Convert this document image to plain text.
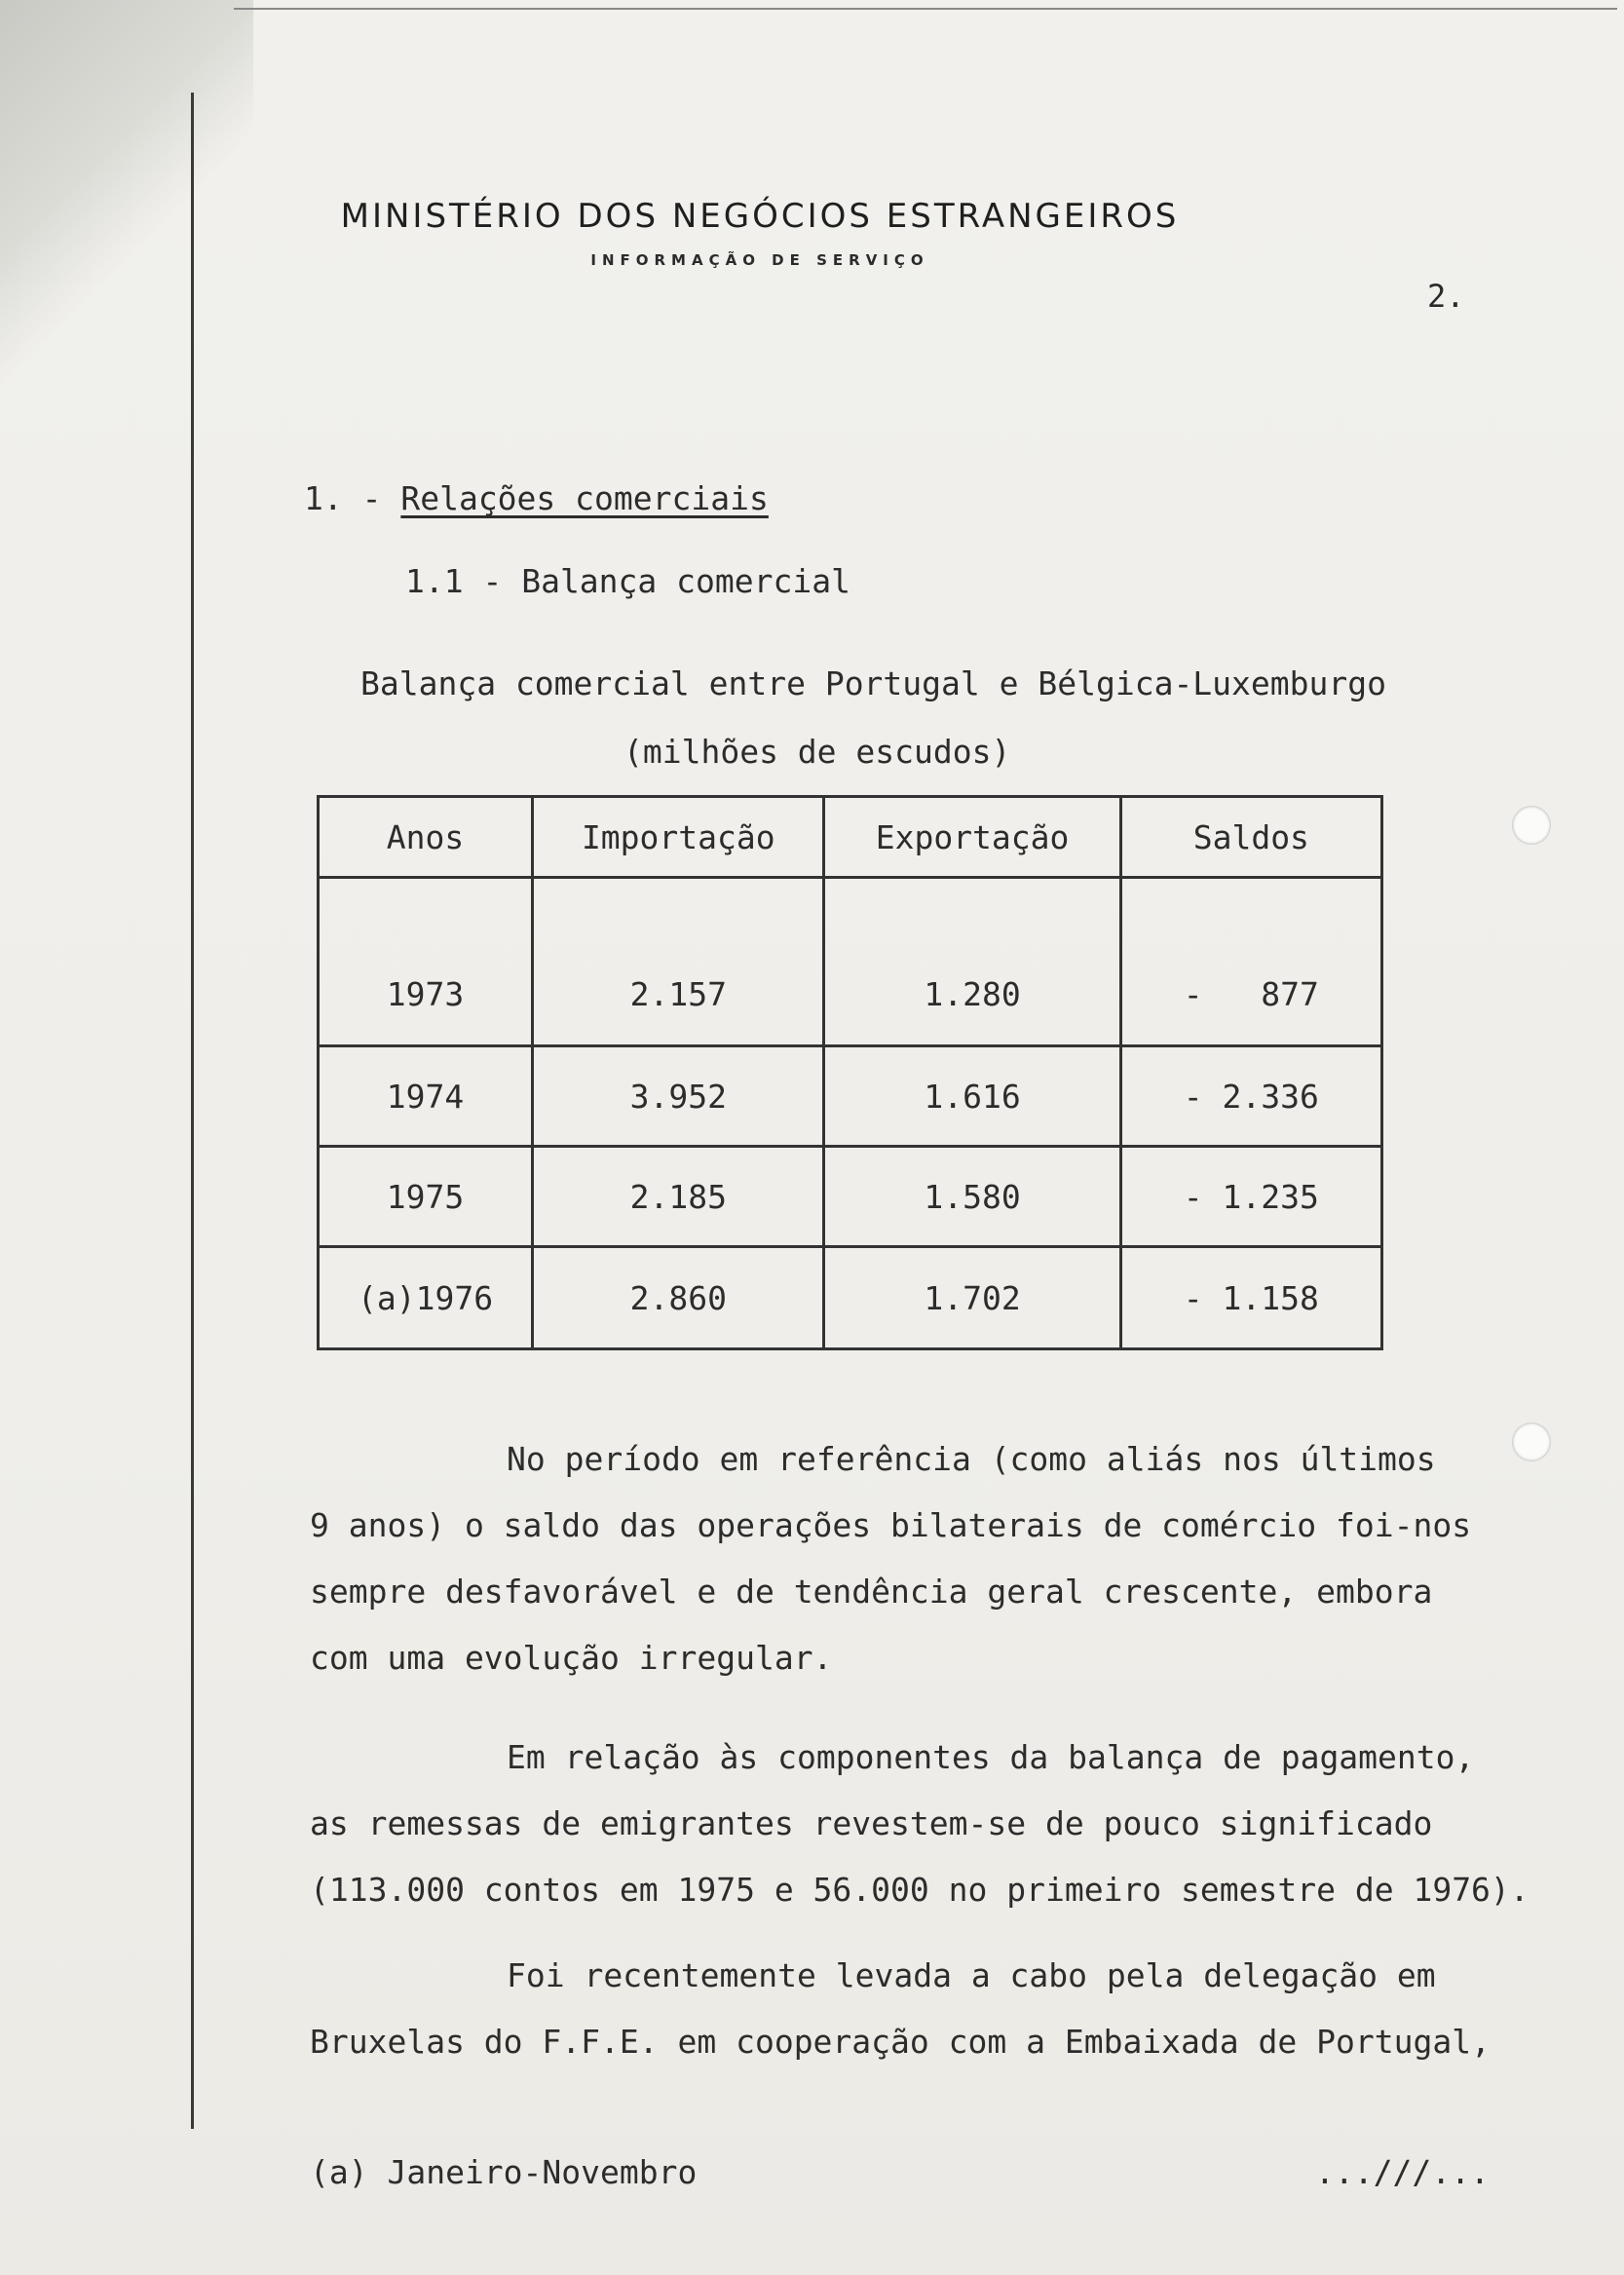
MINISTÉRIO DOS NEGÓCIOS ESTRANGEIROS
INFORMAÇÃO DE SERVIÇO
2.
1. - Relações comerciais
1.1 - Balança comercial
Balança comercial entre Portugal e Bélgica-Luxemburgo
(milhões de escudos)
Anos	Importação	Exportação	Saldos
1973	2.157	1.280	-   877
1974	3.952	1.616	- 2.336
1975	2.185	1.580	- 1.235
(a)1976	2.860	1.702	- 1.158
No período em referência (como aliás nos últimos
9 anos) o saldo das operações bilaterais de comércio foi-nos
sempre desfavorável e de tendência geral crescente, embora
com uma evolução irregular.
Em relação às componentes da balança de pagamento,
as remessas de emigrantes revestem-se de pouco significado
(113.000 contos em 1975 e 56.000 no primeiro semestre de 1976).
Foi recentemente levada a cabo pela delegação em
Bruxelas do F.F.E. em cooperação com a Embaixada de Portugal,
(a) Janeiro-Novembro	...///...
